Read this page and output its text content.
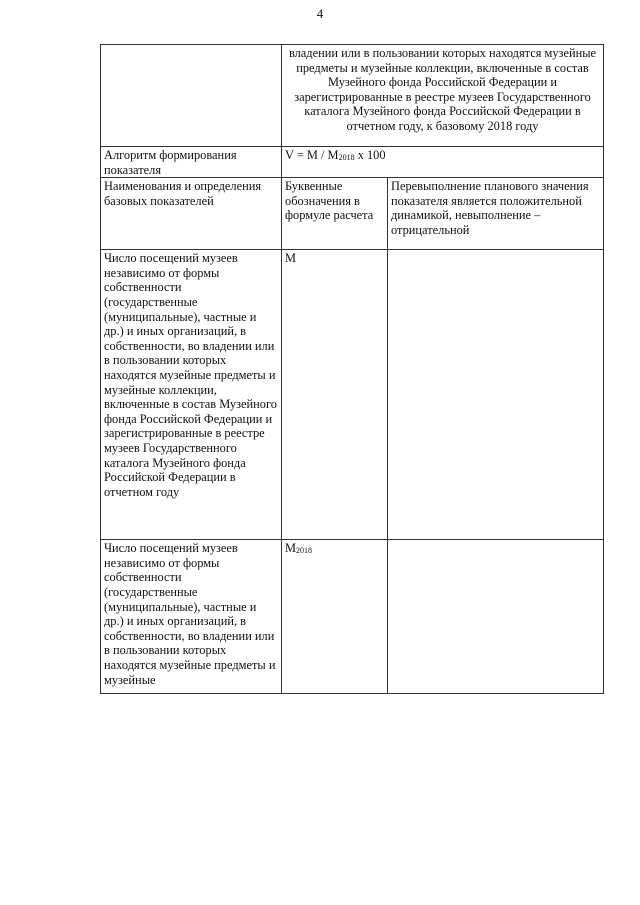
4
	владении или в пользовании которых находятся музейные предметы и музейные коллекции, включенные в состав Музейного фонда Российской Федерации и зарегистрированные в реестре музеев Государственного каталога Музейного фонда Российской Федерации в отчетном году, к базовому 2018 году	
Алгоритм формирования показателя	$V = M / M_{2018}$ x 100	
Наименования и определения базовых показателей	Буквенные обозначения в формуле расчета	Перевыполнение планового значения показателя является положительной динамикой, невыполнение – отрицательной
Число посещений музеев независимо от формы собственности (государственные (муниципальные), частные и др.) и иных организаций, в собственности, во владении или в пользовании которых находятся музейные предметы и музейные коллекции, включенные в состав Музейного фонда Российской Федерации и зарегистрированные в реестре музеев Государственного каталога Музейного фонда Российской Федерации в отчетном году	М	
Число посещений музеев независимо от формы собственности (государственные (муниципальные), частные и др.) и иных организаций, в собственности, во владении или в пользовании которых находятся музейные предметы и музейные	$М_{2018}$	
